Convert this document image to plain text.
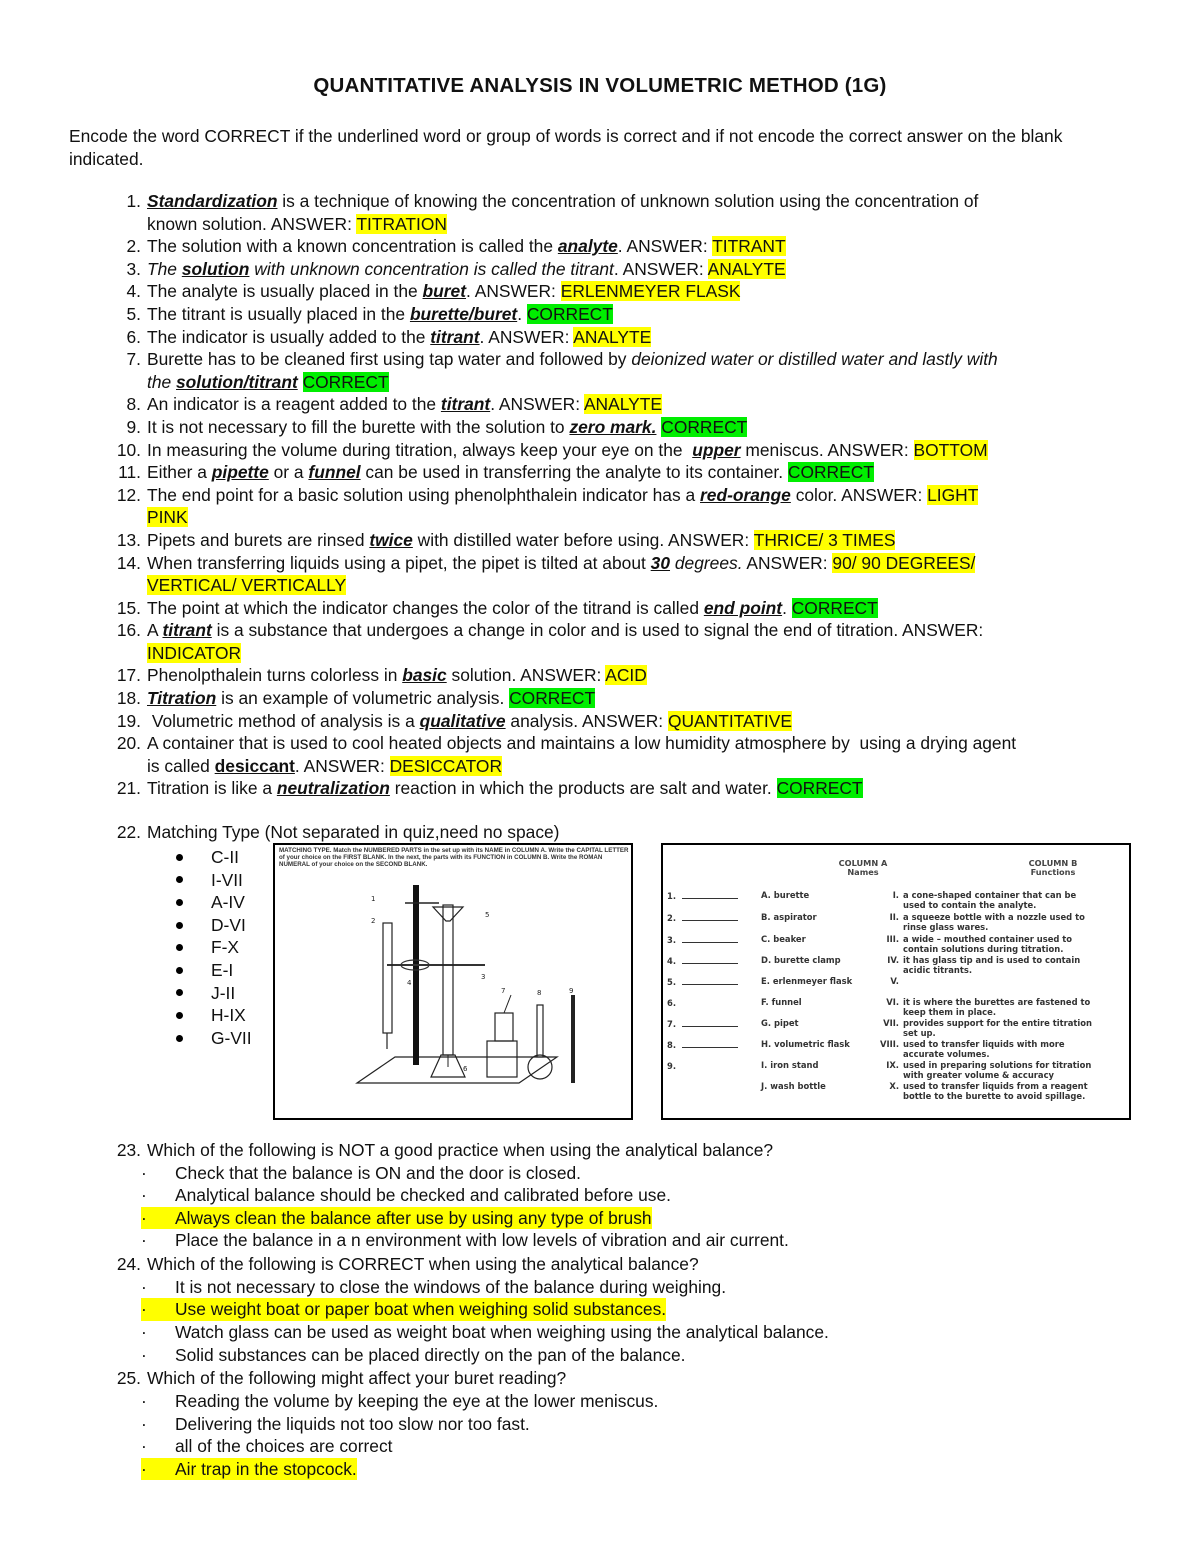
QUANTITATIVE ANALYSIS IN VOLUMETRIC METHOD (1G)
Encode the word CORRECT if the underlined word or group of words is correct and if not encode the correct answer on the blank indicated.
1. Standardization is a technique of knowing the concentration of unknown solution using the concentration of
known solution. ANSWER: TITRATION
2. The solution with a known concentration is called the analyte. ANSWER: TITRANT
3. The solution with unknown concentration is called the titrant. ANSWER: ANALYTE
4. The analyte is usually placed in the buret. ANSWER: ERLENMEYER FLASK
5. The titrant is usually placed in the burette/buret. CORRECT
6. The indicator is usually added to the titrant. ANSWER: ANALYTE
7. Burette has to be cleaned first using tap water and followed by deionized water or distilled water and lastly with
the solution/titrant CORRECT
8. An indicator is a reagent added to the titrant. ANSWER: ANALYTE
9. It is not necessary to fill the burette with the solution to zero mark. CORRECT
10. In measuring the volume during titration, always keep your eye on the  upper meniscus. ANSWER: BOTTOM
11. Either a pipette or a funnel can be used in transferring the analyte to its container. CORRECT
12. The end point for a basic solution using phenolphthalein indicator has a red-orange color. ANSWER: LIGHT
PINK
13. Pipets and burets are rinsed twice with distilled water before using. ANSWER: THRICE/ 3 TIMES
14. When transferring liquids using a pipet, the pipet is tilted at about 30 degrees. ANSWER: 90/ 90 DEGREES/
VERTICAL/ VERTICALLY
15. The point at which the indicator changes the color of the titrand is called end point. CORRECT
16. A titrant is a substance that undergoes a change in color and is used to signal the end of titration. ANSWER:
INDICATOR
17. Phenolpthalein turns colorless in basic solution. ANSWER: ACID
18. Titration is an example of volumetric analysis. CORRECT
19. Volumetric method of analysis is a qualitative analysis. ANSWER: QUANTITATIVE
20. A container that is used to cool heated objects and maintains a low humidity atmosphere by  using a drying agent
is called desiccant. ANSWER: DESICCATOR
21. Titration is like a neutralization reaction in which the products are salt and water. CORRECT
22. Matching Type (Not separated in quiz,need no space)
C-II
I-VII
A-IV
D-VI
F-X
E-I
J-II
H-IX
G-VII
MATCHING TYPE. Match the NUMBERED PARTS in the set up with its NAME in COLUMN A. Write the CAPITAL LETTER of your choice on the FIRST BLANK. In the next, the parts with its FUNCTION in COLUMN B. Write the ROMAN NUMERAL of your choice on the SECOND BLANK.
1
2
3
4
5
6
7	8	9
COLUMN A
Names
COLUMN B
Functions
1.
2.
3.
4.
5.
6.
7.
8.
9.
A. burette
B. aspirator
C. beaker
D. burette clamp
E. erlenmeyer flask
F. funnel
G. pipet
H. volumetric flask
I. iron stand
J. wash bottle
I. a cone-shaped container that can be used to contain the analyte.
II. a squeeze bottle with a nozzle used to rinse glass wares.
III. a wide – mouthed container used to contain solutions during titration.
IV. it has glass tip and is used to contain acidic titrants.
V.
VI. it is where the burettes are fastened to keep them in place.
VII. provides support for the entire titration set up.
VIII. used to transfer liquids with more accurate volumes.
IX. used in preparing solutions for titration with greater volume & accuracy
X. used to transfer liquids from a reagent bottle to the burette to avoid spillage.
23. Which of the following is NOT a good practice when using the analytical balance?
· Check that the balance is ON and the door is closed.
· Analytical balance should be checked and calibrated before use.
· Always clean the balance after use by using any type of brush
· Place the balance in a n environment with low levels of vibration and air current.
24. Which of the following is CORRECT when using the analytical balance?
· It is not necessary to close the windows of the balance during weighing.
· Use weight boat or paper boat when weighing solid substances.
· Watch glass can be used as weight boat when weighing using the analytical balance.
· Solid substances can be placed directly on the pan of the balance.
25. Which of the following might affect your buret reading?
· Reading the volume by keeping the eye at the lower meniscus.
· Delivering the liquids not too slow nor too fast.
· all of the choices are correct
· Air trap in the stopcock.
